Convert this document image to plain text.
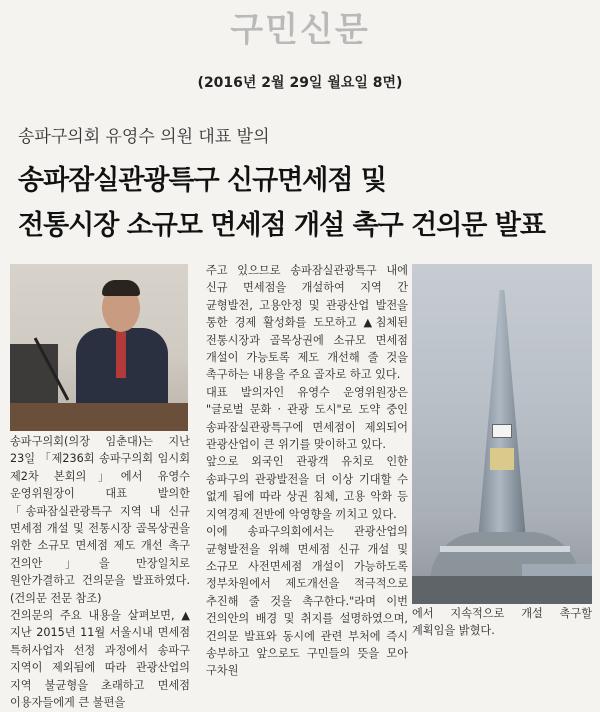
구민신문
(2016년 2월 29일 월요일 8면)
송파구의회 유영수 의원 대표 발의
송파잠실관광특구 신규면세점 및
전통시장 소규모 면세점 개설 촉구 건의문 발표

송파구의회(의장 임춘대)는 지난 23일 「제236회 송파구의회 임시회 제2차 본회의」에서 유영수 운영위원장이 대표 발의한 「송파잠실관광특구 지역 내 신규 면세점 개설 및 전통시장 골목상권을 위한 소규모 면세점 제도 개선 촉구 건의안」을 만장일치로 원안가결하고 건의문을 발표하였다.(건의문 전문 참조)

건의문의 주요 내용을 살펴보면, ▲지난 2015년 11월 서울시내 면세점 특허사업자 선정 과정에서 송파구 지역이 제외됨에 따라 관광산업의 지역 불균형을 초래하고 면세점 이용자들에게 큰 불편을

주고 있으므로 송파잠실관광특구 내에 신규 면세점을 개설하여 지역 간 균형발전, 고용안정 및 관광산업 발전을 통한 경제 활성화를 도모하고 ▲침체된 전통시장과 골목상권에 소규모 면세점 개설이 가능토록 제도 개선해 줄 것을 촉구하는 내용을 주요 골자로 하고 있다.

대표 발의자인 유영수 운영위원장은 "글로벌 문화 · 관광 도시"로 도약 중인 송파잠실관광특구에 면세점이 제외되어 관광산업이 큰 위기를 맞이하고 있다.

앞으로 외국인 관광객 유치로 인한 송파구의 관광발전을 더 이상 기대할 수 없게 됨에 따라 상권 침체, 고용 악화 등 지역경제 전반에 악영향을 끼치고 있다.

이에 송파구의회에서는 관광산업의 균형발전을 위해 면세점 신규 개설 및 소규모 사전면세점 개설이 가능하도록 정부차원에서 제도개선을 적극적으로 추진해 줄 것을 촉구한다."라며 이번 건의안의 배경 및 취지를 설명하였으며, 건의문 발표와 동시에 관련 부처에 즉시 송부하고 앞으로도 구민들의 뜻을 모아 구차원

에서 지속적으로 개설 촉구할 계획임을 밝혔다.
